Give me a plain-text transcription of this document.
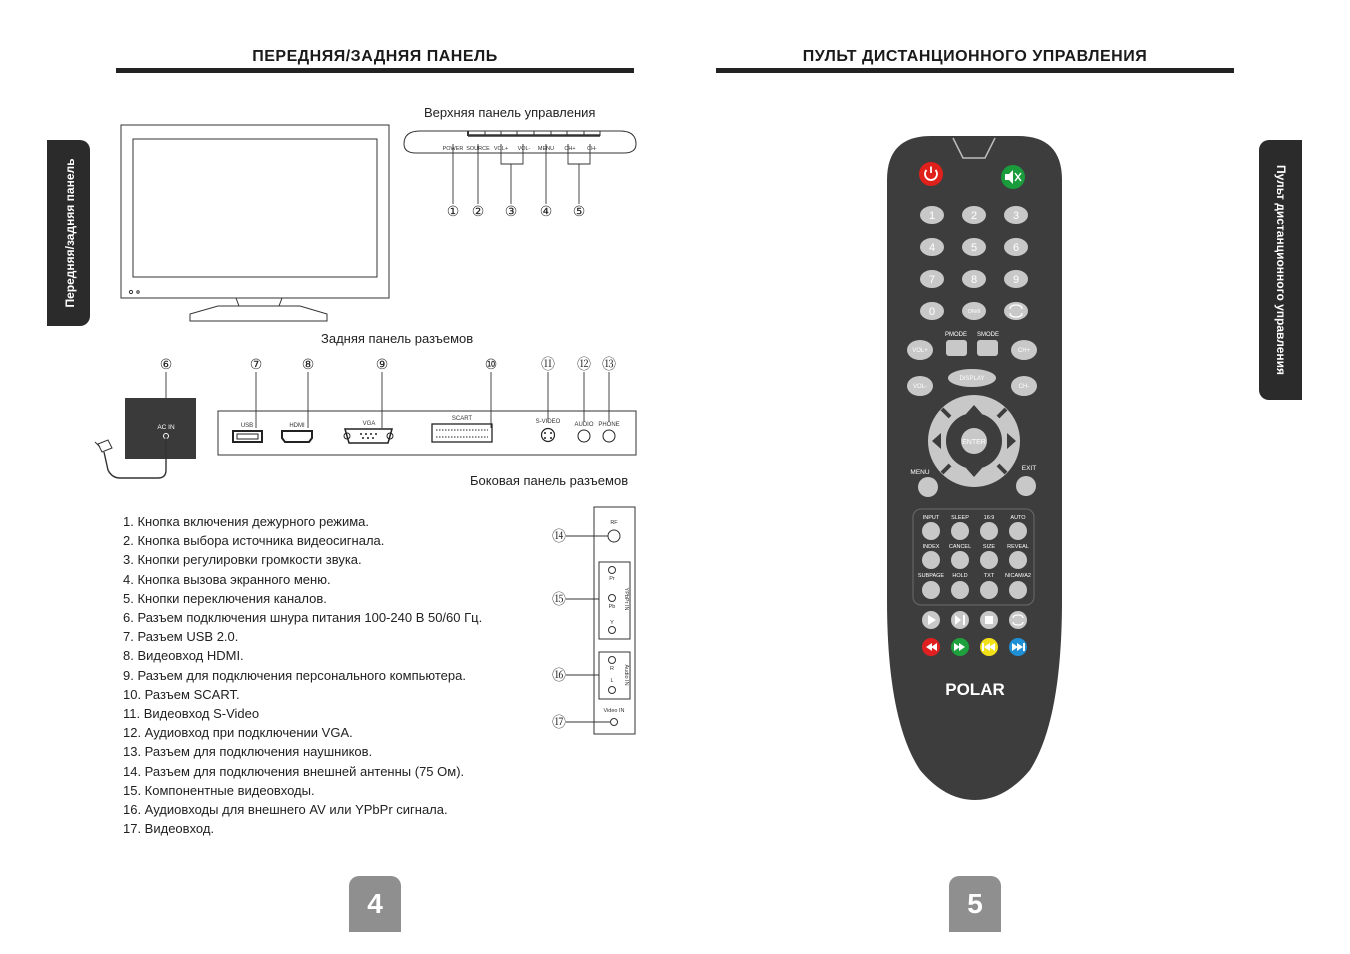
ПЕРЕДНЯЯ/ЗАДНЯЯ ПАНЕЛЬ
Передняя/задняя панель
Верхняя панель управления
Задняя панель разъемов
Боковая панель разъемов
POWER SOURCE VOL+ VOL- MENU CH+ CH-
① ② ③ ④ ⑤
⑥	⑦	⑧	⑨	⑩	⑪ ⑫ ⑬
AC IN	USB	HDMI	VGA
SCART	S-VIDEO AUDIO PHONE
RF
Pr
Pb
Y
R
L
Video IN
YPbPr IN
Audio IN
⑭
⑮
⑯
⑰
1. Кнопка включения дежурного режима.
2. Кнопка выбора источника видеосигнала.
3. Кнопки регулировки громкости звука.
4. Кнопка вызова экранного меню.
5. Кнопки переключения каналов.
6. Разъем подключения шнура питания 100-240 В 50/60 Гц.
7. Разъем USB 2.0.
8. Видеовход HDMI.
9. Разъем для подключения персонального компьютера.
10. Разъем SCART.
11. Видеовход S-Video
12. Аудиовход при подключении VGA.
13. Разъем для подключения наушников.
14. Разъем для подключения внешней антенны (75 Ом).
15. Компонентные видеовходы.
16. Аудиовходы для внешнего AV или YPbPr сигнала.
17. Видеовход.
4
ПУЛЬТ ДИСТАНЦИОННОГО УПРАВЛЕНИЯ
Пульт дистанционного управления
1	2	3
4	5	6
7	8	9
0	ON/II
PMODE SMODE
VOL+	CH+
VOL-	CH-
DISPLAY
ENTER
MENU
EXIT
INPUT SLEEP	16:9	AUTO
INDEX CANCEL SIZE REVEAL
SUBPAGE HOLD	TXT NICAM/A2
POLAR
5
